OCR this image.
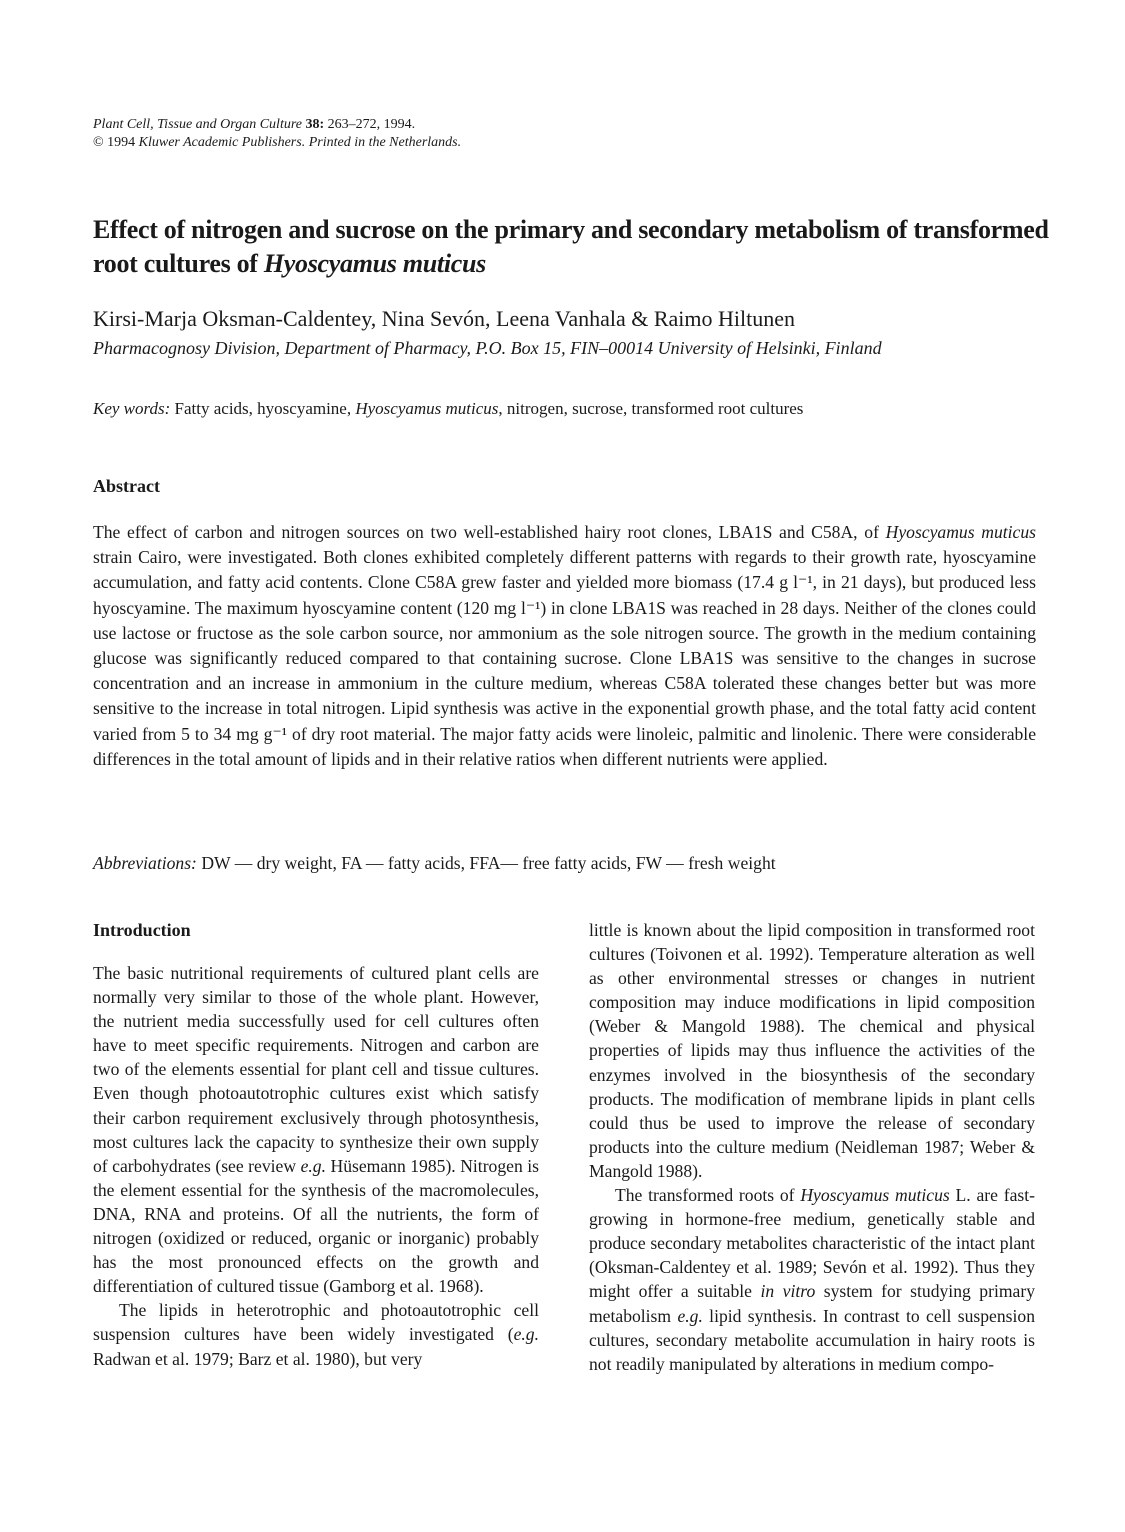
Plant Cell, Tissue and Organ Culture 38: 263–272, 1994.
© 1994 Kluwer Academic Publishers. Printed in the Netherlands.
Effect of nitrogen and sucrose on the primary and secondary metabolism of transformed root cultures of Hyoscyamus muticus
Kirsi-Marja Oksman-Caldentey, Nina Sevón, Leena Vanhala & Raimo Hiltunen
Pharmacognosy Division, Department of Pharmacy, P.O. Box 15, FIN–00014 University of Helsinki, Finland
Key words: Fatty acids, hyoscyamine, Hyoscyamus muticus, nitrogen, sucrose, transformed root cultures
Abstract

The effect of carbon and nitrogen sources on two well-established hairy root clones, LBA1S and C58A, of Hyoscyamus muticus strain Cairo, were investigated. Both clones exhibited completely different patterns with regards to their growth rate, hyoscyamine accumulation, and fatty acid contents. Clone C58A grew faster and yielded more biomass (17.4 g l⁻¹, in 21 days), but produced less hyoscyamine. The maximum hyoscyamine content (120 mg l⁻¹) in clone LBA1S was reached in 28 days. Neither of the clones could use lactose or fructose as the sole carbon source, nor ammonium as the sole nitrogen source. The growth in the medium containing glucose was significantly reduced compared to that containing sucrose. Clone LBA1S was sensitive to the changes in sucrose concentration and an increase in ammonium in the culture medium, whereas C58A tolerated these changes better but was more sensitive to the increase in total nitrogen. Lipid synthesis was active in the exponential growth phase, and the total fatty acid content varied from 5 to 34 mg g⁻¹ of dry root material. The major fatty acids were linoleic, palmitic and linolenic. There were considerable differences in the total amount of lipids and in their relative ratios when different nutrients were applied.

Abbreviations: DW — dry weight, FA — fatty acids, FFA— free fatty acids, FW — fresh weight

Introduction

The basic nutritional requirements of cultured plant cells are normally very similar to those of the whole plant. However, the nutrient media successfully used for cell cultures often have to meet specific requirements. Nitrogen and carbon are two of the elements essential for plant cell and tissue cultures. Even though photoautotrophic cultures exist which satisfy their carbon requirement exclusively through photosynthesis, most cultures lack the capacity to synthesize their own supply of carbohydrates (see review e.g. Hüsemann 1985). Nitrogen is the element essential for the synthesis of the macromolecules, DNA, RNA and proteins. Of all the nutrients, the form of nitrogen (oxidized or reduced, organic or inorganic) probably has the most pronounced effects on the growth and differentiation of cultured tissue (Gamborg et al. 1968).

The lipids in heterotrophic and photoautotrophic cell suspension cultures have been widely investigated (e.g. Radwan et al. 1979; Barz et al. 1980), but very

little is known about the lipid composition in transformed root cultures (Toivonen et al. 1992). Temperature alteration as well as other environmental stresses or changes in nutrient composition may induce modifications in lipid composition (Weber & Mangold 1988). The chemical and physical properties of lipids may thus influence the activities of the enzymes involved in the biosynthesis of the secondary products. The modification of membrane lipids in plant cells could thus be used to improve the release of secondary products into the culture medium (Neidleman 1987; Weber & Mangold 1988).

The transformed roots of Hyoscyamus muticus L. are fast-growing in hormone-free medium, genetically stable and produce secondary metabolites characteristic of the intact plant (Oksman-Caldentey et al. 1989; Sevón et al. 1992). Thus they might offer a suitable in vitro system for studying primary metabolism e.g. lipid synthesis. In contrast to cell suspension cultures, secondary metabolite accumulation in hairy roots is not readily manipulated by alterations in medium compo-
